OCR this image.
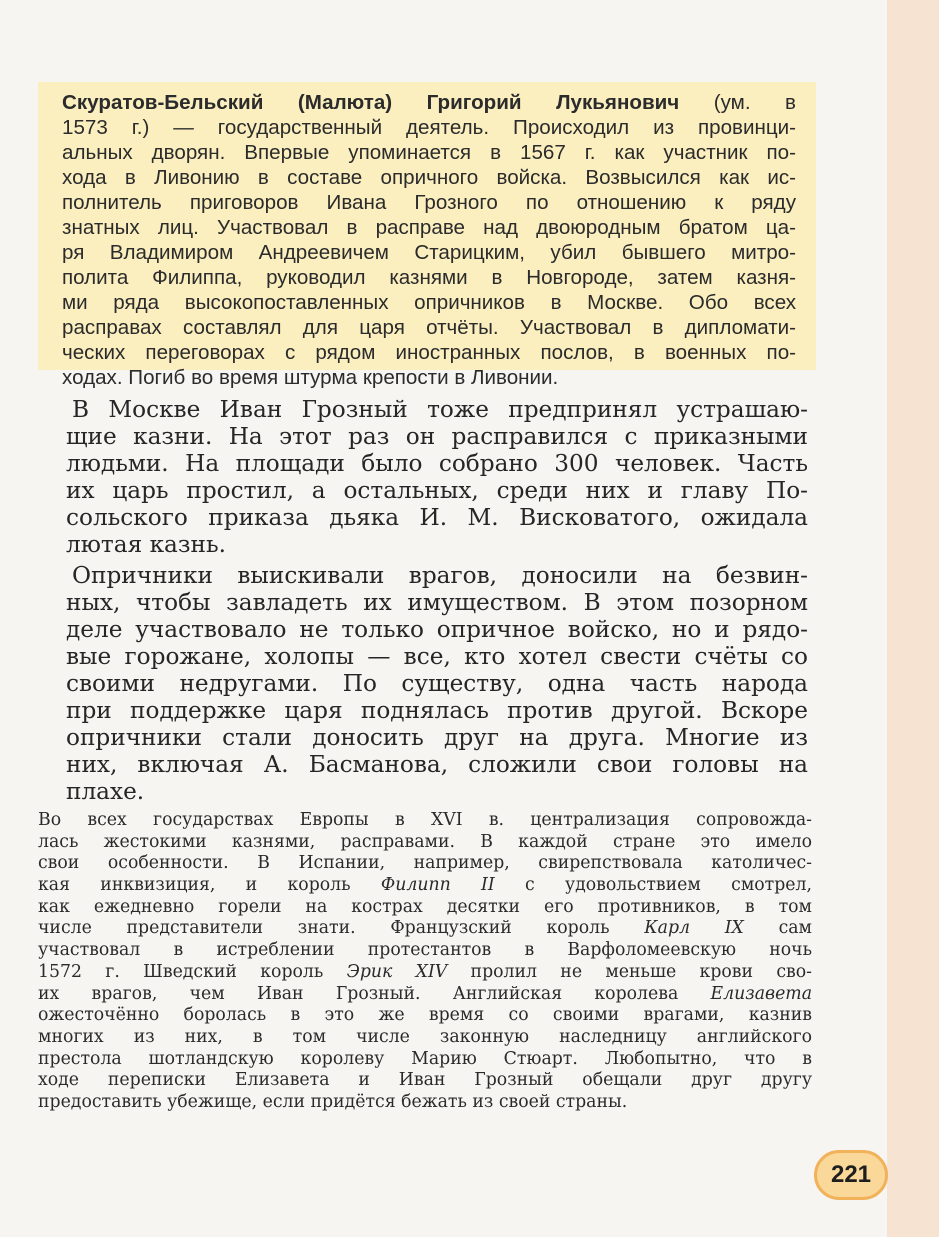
Скуратов-Бельский (Малюта) Григорий Лукьянович (ум. в
1573 г.) — государственный деятель. Происходил из провинци-
альных дворян. Впервые упоминается в 1567 г. как участник по-
хода в Ливонию в составе опричного войска. Возвысился как ис-
полнитель приговоров Ивана Грозного по отношению к ряду
знатных лиц. Участвовал в расправе над двоюродным братом ца-
ря Владимиром Андреевичем Старицким, убил бывшего митро-
полита Филиппа, руководил казнями в Новгороде, затем казня-
ми ряда высокопоставленных опричников в Москве. Обо всех
расправах составлял для царя отчёты. Участвовал в дипломати-
ческих переговорах с рядом иностранных послов, в военных по-
ходах. Погиб во время штурма крепости в Ливонии.
В Москве Иван Грозный тоже предпринял устрашаю-
щие казни. На этот раз он расправился с приказными
людьми. На площади было собрано 300 человек. Часть
их царь простил, а остальных, среди них и главу По-
сольского приказа дьяка И. М. Висковатого, ожидала
лютая казнь.
Опричники выискивали врагов, доносили на безвин-
ных, чтобы завладеть их имуществом. В этом позорном
деле участвовало не только опричное войско, но и рядо-
вые горожане, холопы — все, кто хотел свести счёты со
своими недругами. По существу, одна часть народа
при поддержке царя поднялась против другой. Вскоре
опричники стали доносить друг на друга. Многие из
них, включая А. Басманова, сложили свои головы на
плахе.
Во всех государствах Европы в XVI в. централизация сопровожда-
лась жестокими казнями, расправами. В каждой стране это имело
свои особенности. В Испании, например, свирепствовала католичес-
кая инквизиция, и король Филипп II с удовольствием смотрел,
как ежедневно горели на кострах десятки его противников, в том
числе представители знати. Французский король Карл IX сам
участвовал в истреблении протестантов в Варфоломеевскую ночь
1572 г. Шведский король Эрик XIV пролил не меньше крови сво-
их врагов, чем Иван Грозный. Английская королева Елизавета
ожесточённо боролась в это же время со своими врагами, казнив
многих из них, в том числе законную наследницу английского
престола шотландскую королеву Марию Стюарт. Любопытно, что в
ходе переписки Елизавета и Иван Грозный обещали друг другу
предоставить убежище, если придётся бежать из своей страны.
221
